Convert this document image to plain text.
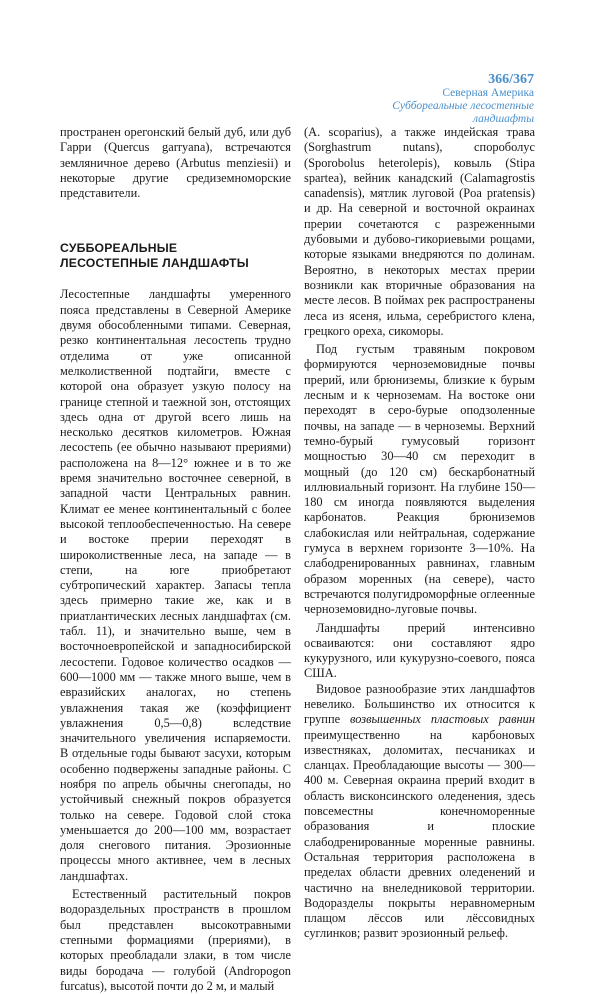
366/367
Северная Америка
Суббореальные лесостепные
ландшафты

пространен орегонский белый дуб, или дуб Гарри (Quercus garryana), встречаются земляничное дерево (Arbutus menziesii) и некоторые другие средиземноморские представители.

СУББОРЕАЛЬНЫЕ
ЛЕСОСТЕПНЫЕ ЛАНДШАФТЫ

Лесостепные ландшафты умеренного пояса представлены в Северной Америке двумя обособленными типами. Северная, резко континентальная лесостепь трудно отделима от уже описанной мелколиственной подтайги, вместе с которой она образует узкую полосу на границе степной и таежной зон, отстоящих здесь одна от другой всего лишь на несколько десятков километров. Южная лесостепь (ее обычно называют прериями) расположена на 8—12° южнее и в то же время значительно восточнее северной, в западной части Центральных равнин. Климат ее менее континентальный с более высокой теплообеспеченностью. На севере и востоке прерии переходят в широколиственные леса, на западе — в степи, на юге приобретают субтропический характер. Запасы тепла здесь примерно такие же, как и в приатлантических лесных ландшафтах (см. табл. 11), и значительно выше, чем в восточноевропейской и западносибирской лесостепи. Годовое количество осадков — 600—1000 мм — также много выше, чем в евразийских аналогах, но степень увлажнения такая же (коэффициент увлажнения 0,5—0,8) вследствие значительного увеличения испаряемости. В отдельные годы бывают засухи, которым особенно подвержены западные районы. С ноября по апрель обычны снегопады, но устойчивый снежный покров образуется только на севере. Годовой слой стока уменьшается до 200—100 мм, возрастает доля снегового питания. Эрозионные процессы много активнее, чем в лесных ландшафтах.

Естественный растительный покров водораздельных пространств в прошлом был представлен высокотравными степными формациями (прериями), в которых преобладали злаки, в том числе виды бородача — голубой (Andropogon furcatus), высотой почти до 2 м, и малый

(A. scoparius), а также индейская трава (Sorghastrum nutans), спороболус (Sporobolus heterolepis), ковыль (Stipa spartea), вейник канадский (Calamagrostis canadensis), мятлик луговой (Poa pratensis) и др. На северной и восточной окраинах прерии сочетаются с разреженными дубовыми и дубово-гикориевыми рощами, которые языками внедряются по долинам. Вероятно, в некоторых местах прерии возникли как вторичные образования на месте лесов. В поймах рек распространены леса из ясеня, ильма, серебристого клена, грецкого ореха, сикоморы.

Под густым травяным покровом формируются черноземовидные почвы прерий, или брюниземы, близкие к бурым лесным и к черноземам. На востоке они переходят в серо-бурые оподзоленные почвы, на западе — в черноземы. Верхний темно-бурый гумусовый горизонт мощностью 30—40 см переходит в мощный (до 120 см) бескарбонатный иллювиальный горизонт. На глубине 150—180 см иногда появляются выделения карбонатов. Реакция брюниземов слабокислая или нейтральная, содержание гумуса в верхнем горизонте 3—10%. На слабодренированных равнинах, главным образом моренных (на севере), часто встречаются полугидроморфные оглеенные черноземовидно-луговые почвы.

Ландшафты прерий интенсивно осваиваются: они составляют ядро кукурузного, или кукурузно-соевого, пояса США.

Видовое разнообразие этих ландшафтов невелико. Большинство их относится к группе возвышенных пластовых равнин преимущественно на карбоновых известняках, доломитах, песчаниках и сланцах. Преобладающие высоты — 300—400 м. Северная окраина прерий входит в область висконсинского оледенения, здесь повсеместны конечноморенные образования и плоские слабодренированные моренные равнины. Остальная территория расположена в пределах области древних оледенений и частично на внеледниковой территории. Водоразделы покрыты неравномерным плащом лёссов или лёссовидных суглинков; развит эрозионный рельеф.
